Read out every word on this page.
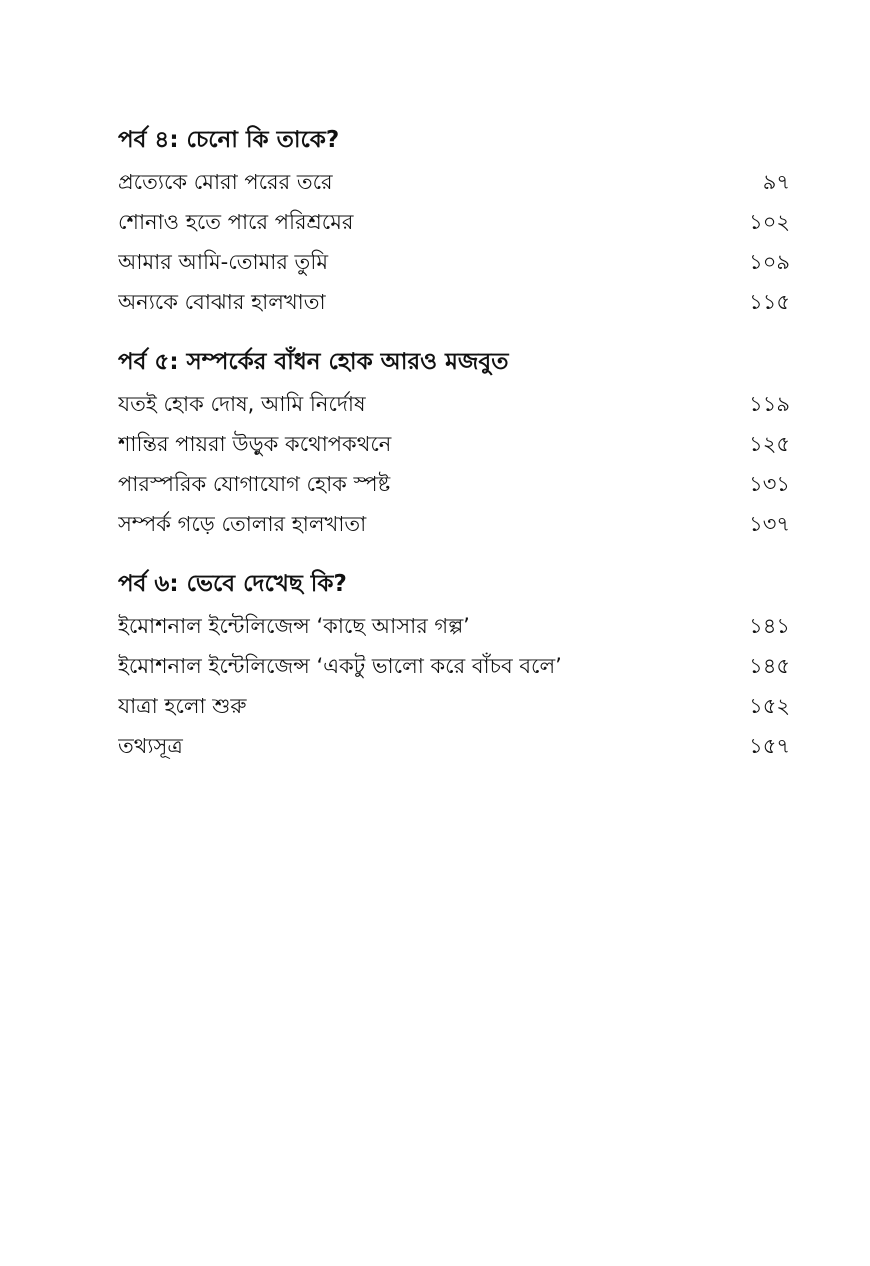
পর্ব ৪: চেনো কি তাকে?
প্রত্যেকে মোরা পরের তরে	৯৭
শোনাও হতে পারে পরিশ্রমের	১০২
আমার আমি-তোমার তুমি	১০৯
অন্যকে বোঝার হালখাতা	১১৫
পর্ব ৫: সম্পর্কের বাঁধন হোক আরও মজবুত
যতই হোক দোষ, আমি নির্দোষ	১১৯
শান্তির পায়রা উড়ুক কথোপকথনে	১২৫
পারস্পরিক যোগাযোগ হোক স্পষ্ট	১৩১
সম্পর্ক গড়ে তোলার হালখাতা	১৩৭
পর্ব ৬: ভেবে দেখেছ কি?
ইমোশনাল ইন্টেলিজেন্স ‘কাছে আসার গল্প’	১৪১
ইমোশনাল ইন্টেলিজেন্স ‘একটু ভালো করে বাঁচব বলে’	১৪৫
যাত্রা হলো শুরু	১৫২
তথ্যসূত্র	১৫৭
